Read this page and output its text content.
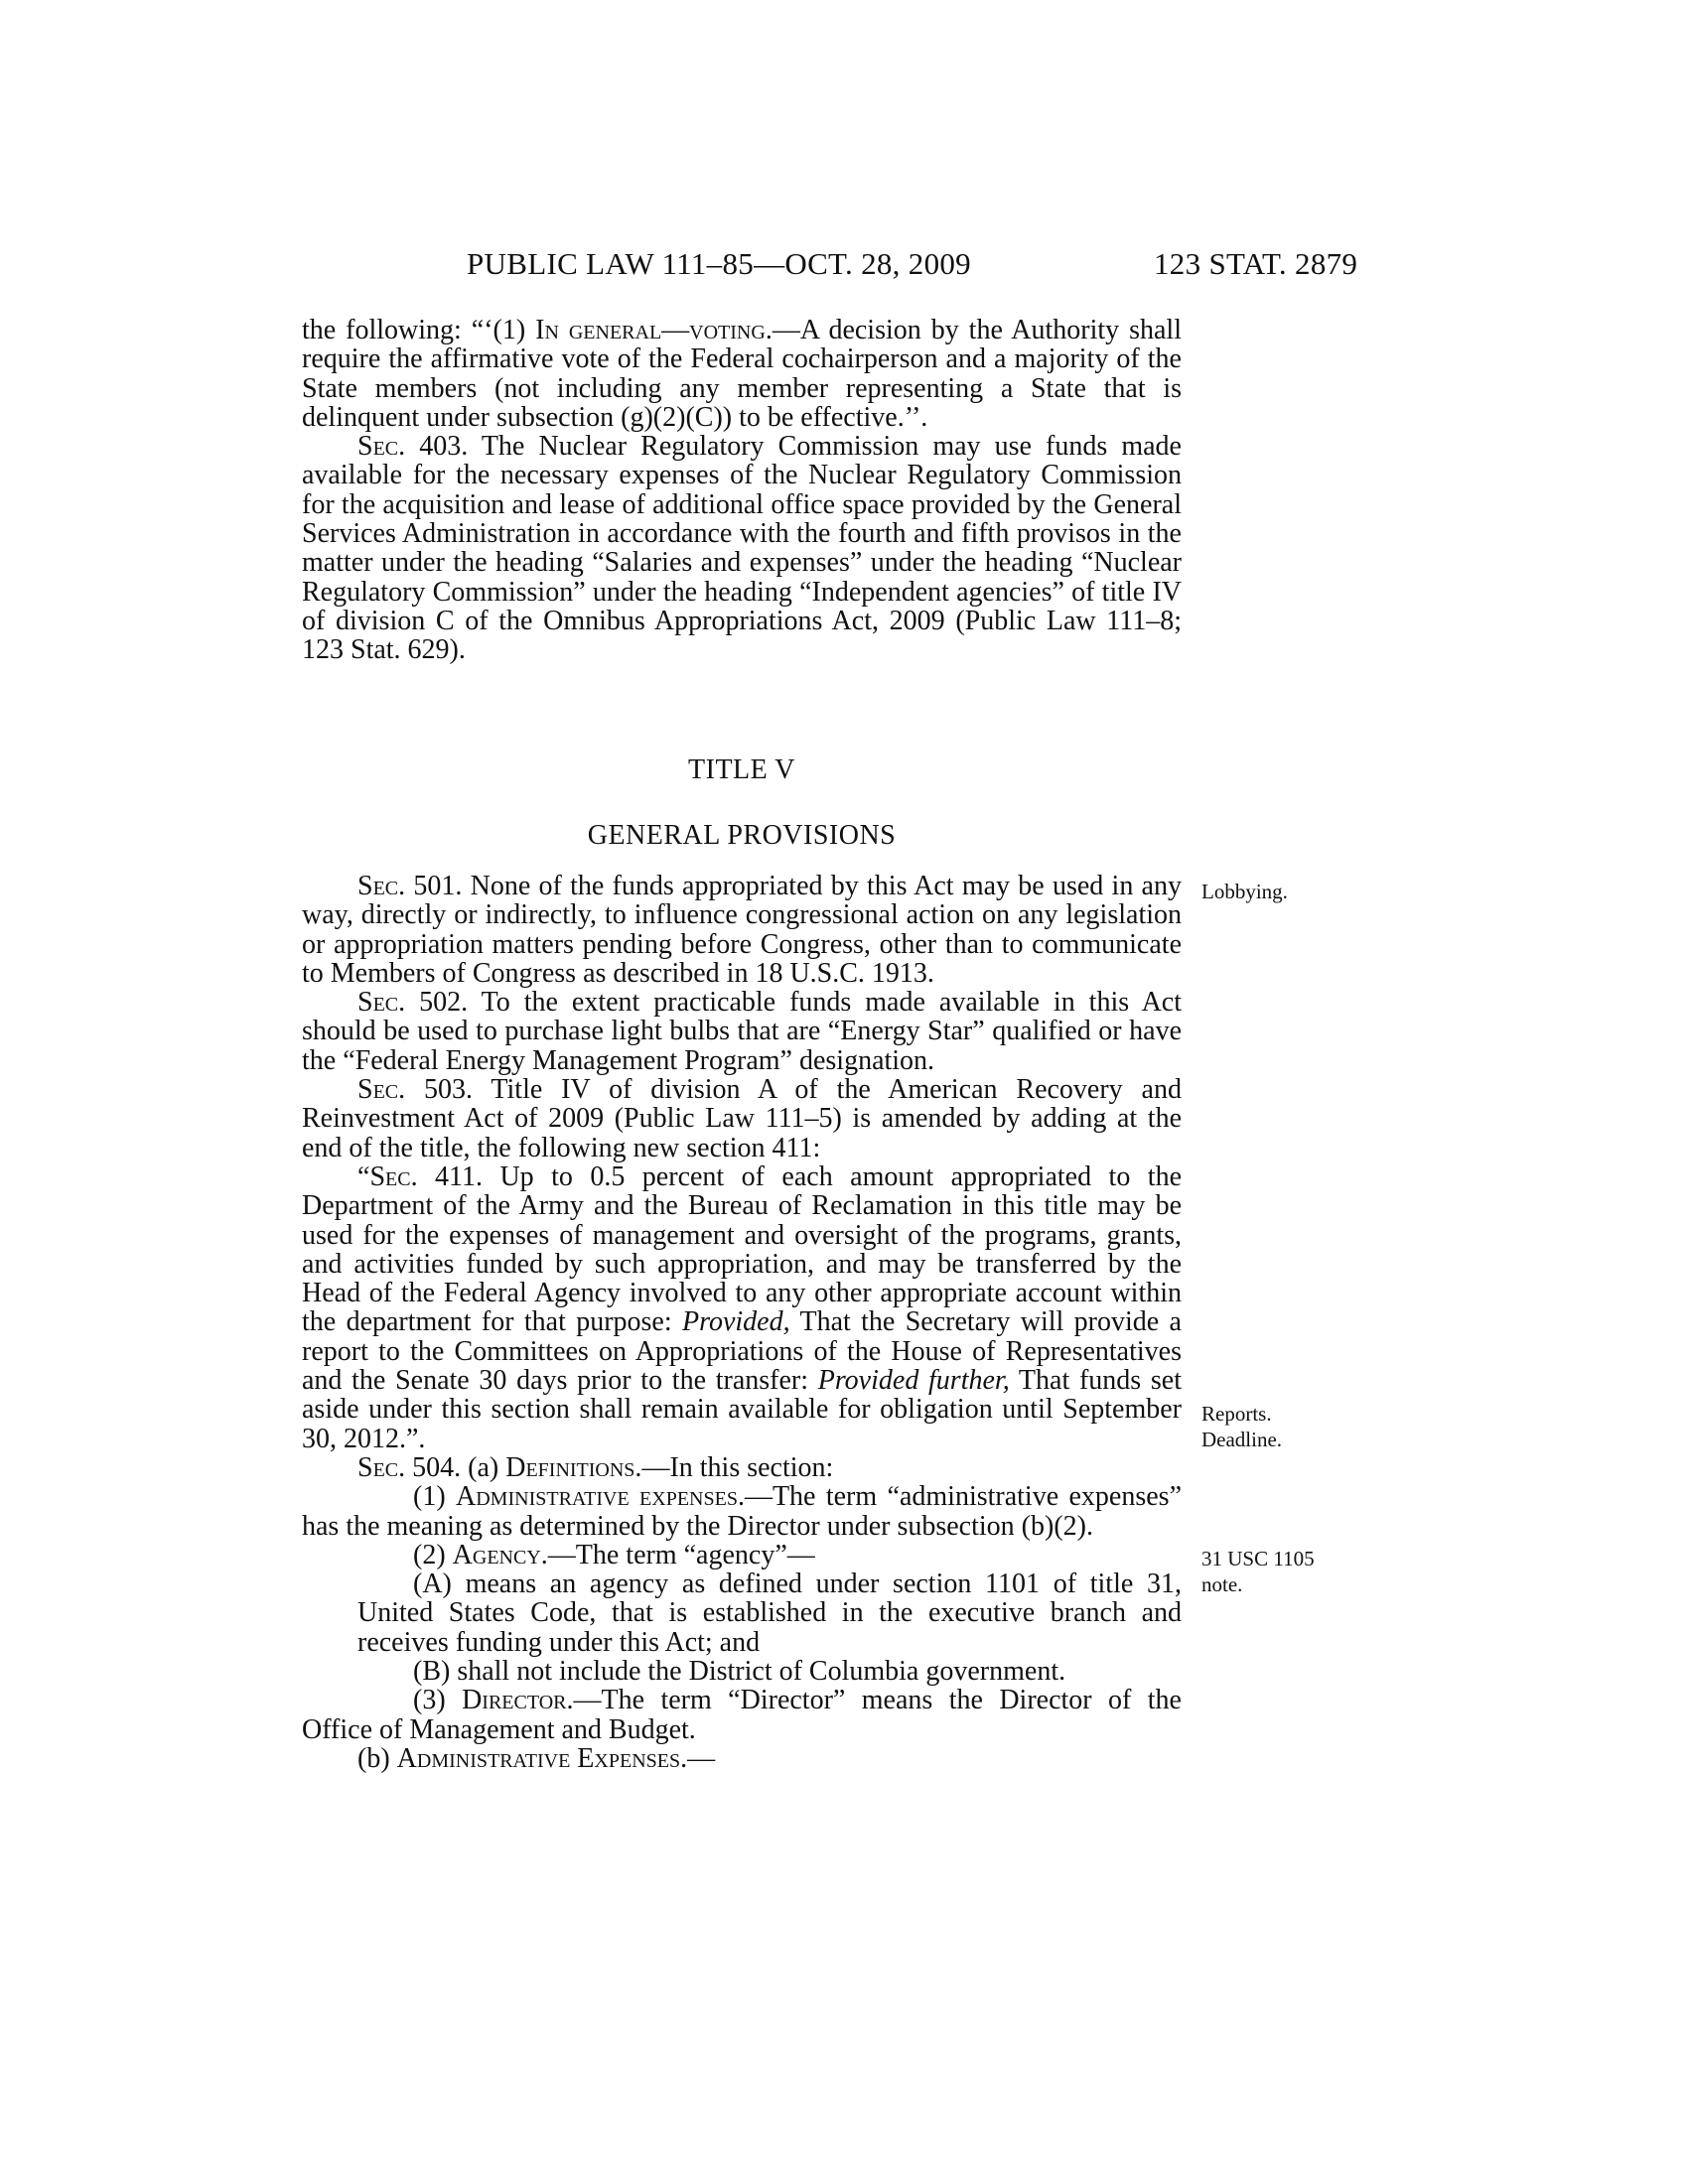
PUBLIC LAW 111–85—OCT. 28, 2009	123 STAT. 2879

the following: “‘(1) In general—voting.—A decision by the Authority shall require the affirmative vote of the Federal cochairperson and a majority of the State members (not including any member representing a State that is delinquent under subsection (g)(2)(C)) to be effective.’’.

Sec. 403. The Nuclear Regulatory Commission may use funds made available for the necessary expenses of the Nuclear Regulatory Commission for the acquisition and lease of additional office space provided by the General Services Administration in accordance with the fourth and fifth provisos in the matter under the heading “Salaries and expenses” under the heading “Nuclear Regulatory Commission” under the heading “Independent agencies” of title IV of division C of the Omnibus Appropriations Act, 2009 (Public Law 111–8; 123 Stat. 629).

TITLE V
GENERAL PROVISIONS

Sec. 501. None of the funds appropriated by this Act may be used in any way, directly or indirectly, to influence congressional action on any legislation or appropriation matters pending before Congress, other than to communicate to Members of Congress as described in 18 U.S.C. 1913.

Sec. 502. To the extent practicable funds made available in this Act should be used to purchase light bulbs that are “Energy Star” qualified or have the “Federal Energy Management Program” designation.

Sec. 503. Title IV of division A of the American Recovery and Reinvestment Act of 2009 (Public Law 111–5) is amended by adding at the end of the title, the following new section 411:

“Sec. 411. Up to 0.5 percent of each amount appropriated to the Department of the Army and the Bureau of Reclamation in this title may be used for the expenses of management and oversight of the programs, grants, and activities funded by such appropriation, and may be transferred by the Head of the Federal Agency involved to any other appropriate account within the department for that purpose: Provided, That the Secretary will provide a report to the Committees on Appropriations of the House of Representatives and the Senate 30 days prior to the transfer: Provided further, That funds set aside under this section shall remain available for obligation until September 30, 2012.”.

Sec. 504. (a) Definitions.—In this section:

(1) Administrative expenses.—The term “administrative expenses” has the meaning as determined by the Director under subsection (b)(2).

(2) Agency.—The term “agency”—

(A) means an agency as defined under section 1101 of title 31, United States Code, that is established in the executive branch and receives funding under this Act; and

(B) shall not include the District of Columbia government.

(3) Director.—The term “Director” means the Director of the Office of Management and Budget.

(b) Administrative Expenses.—

Lobbying.
Reports.
Deadline.
31 USC 1105
note.
